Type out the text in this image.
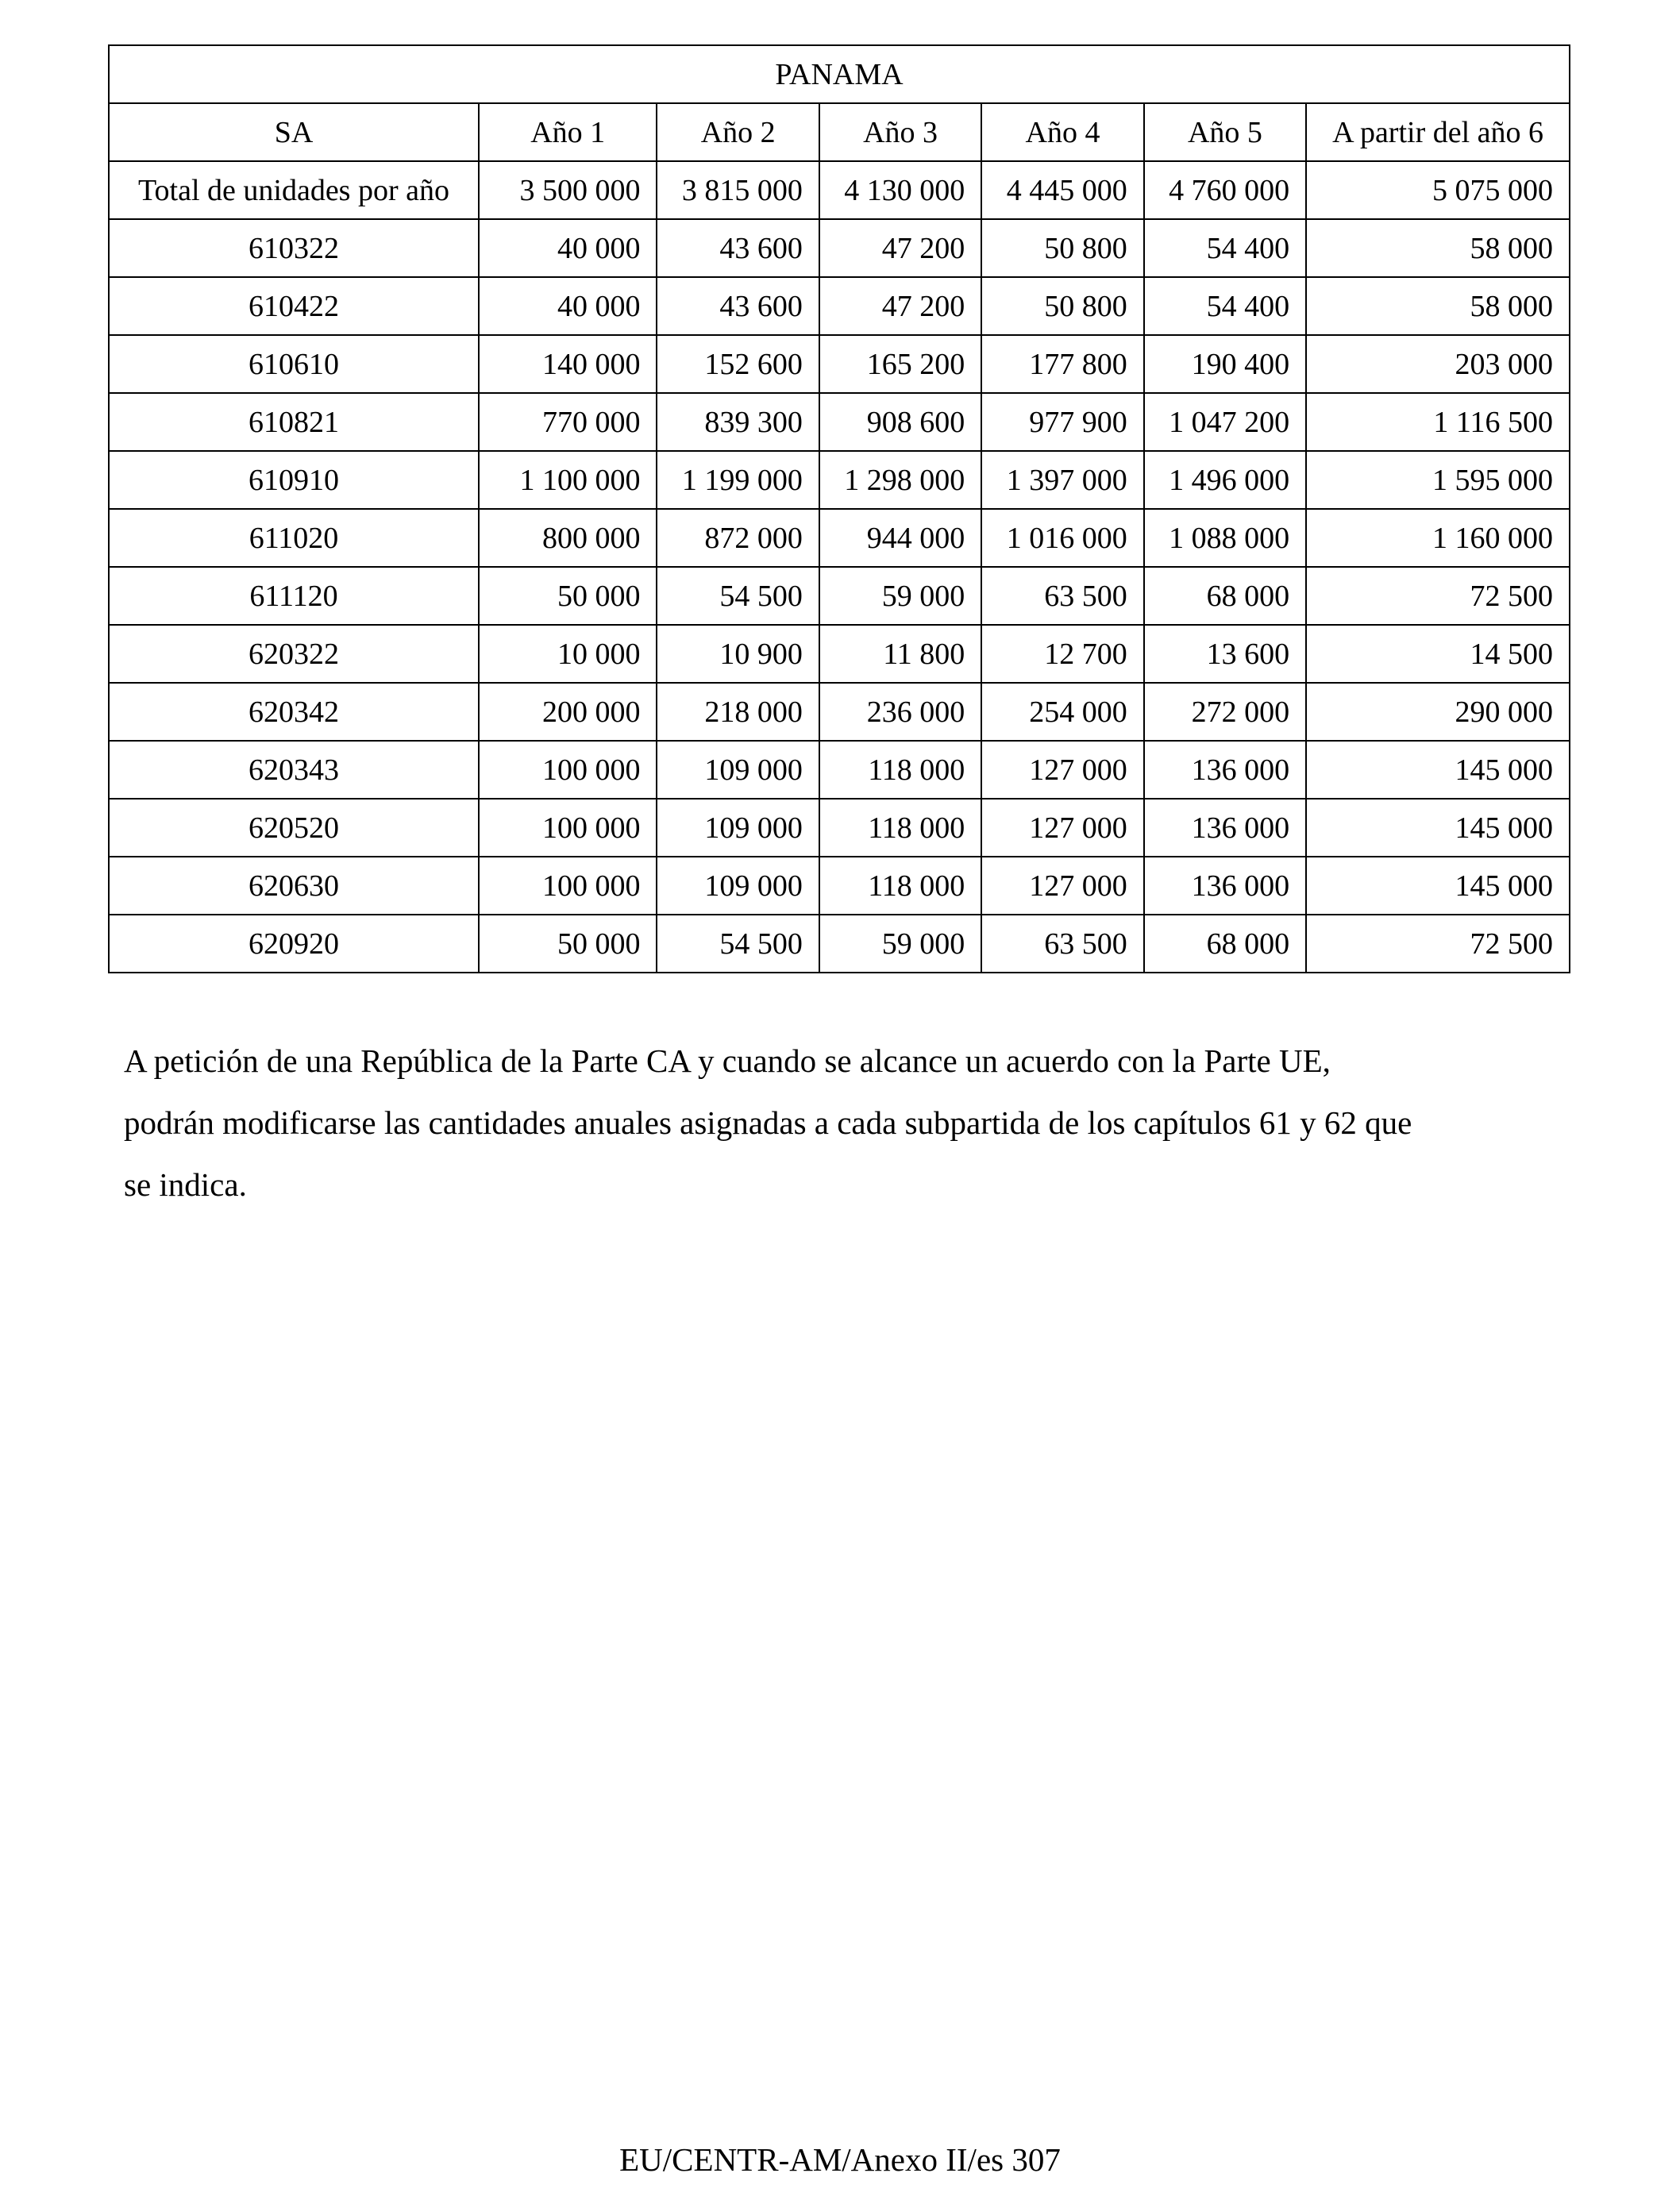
PANAMA						
SA	Año 1	Año 2	Año 3	Año 4	Año 5	A partir del año 6
Total de unidades por año	3 500 000	3 815 000	4 130 000	4 445 000	4 760 000	5 075 000
610322	40 000	43 600	47 200	50 800	54 400	58 000
610422	40 000	43 600	47 200	50 800	54 400	58 000
610610	140 000	152 600	165 200	177 800	190 400	203 000
610821	770 000	839 300	908 600	977 900	1 047 200	1 116 500
610910	1 100 000	1 199 000	1 298 000	1 397 000	1 496 000	1 595 000
611020	800 000	872 000	944 000	1 016 000	1 088 000	1 160 000
611120	50 000	54 500	59 000	63 500	68 000	72 500
620322	10 000	10 900	11 800	12 700	13 600	14 500
620342	200 000	218 000	236 000	254 000	272 000	290 000
620343	100 000	109 000	118 000	127 000	136 000	145 000
620520	100 000	109 000	118 000	127 000	136 000	145 000
620630	100 000	109 000	118 000	127 000	136 000	145 000
620920	50 000	54 500	59 000	63 500	68 000	72 500
A petición de una República de la Parte CA y cuando se alcance un acuerdo con la Parte UE,
podrán modificarse las cantidades anuales asignadas a cada subpartida de los capítulos 61 y 62 que
se indica.
EU/CENTR-AM/Anexo II/es 307
